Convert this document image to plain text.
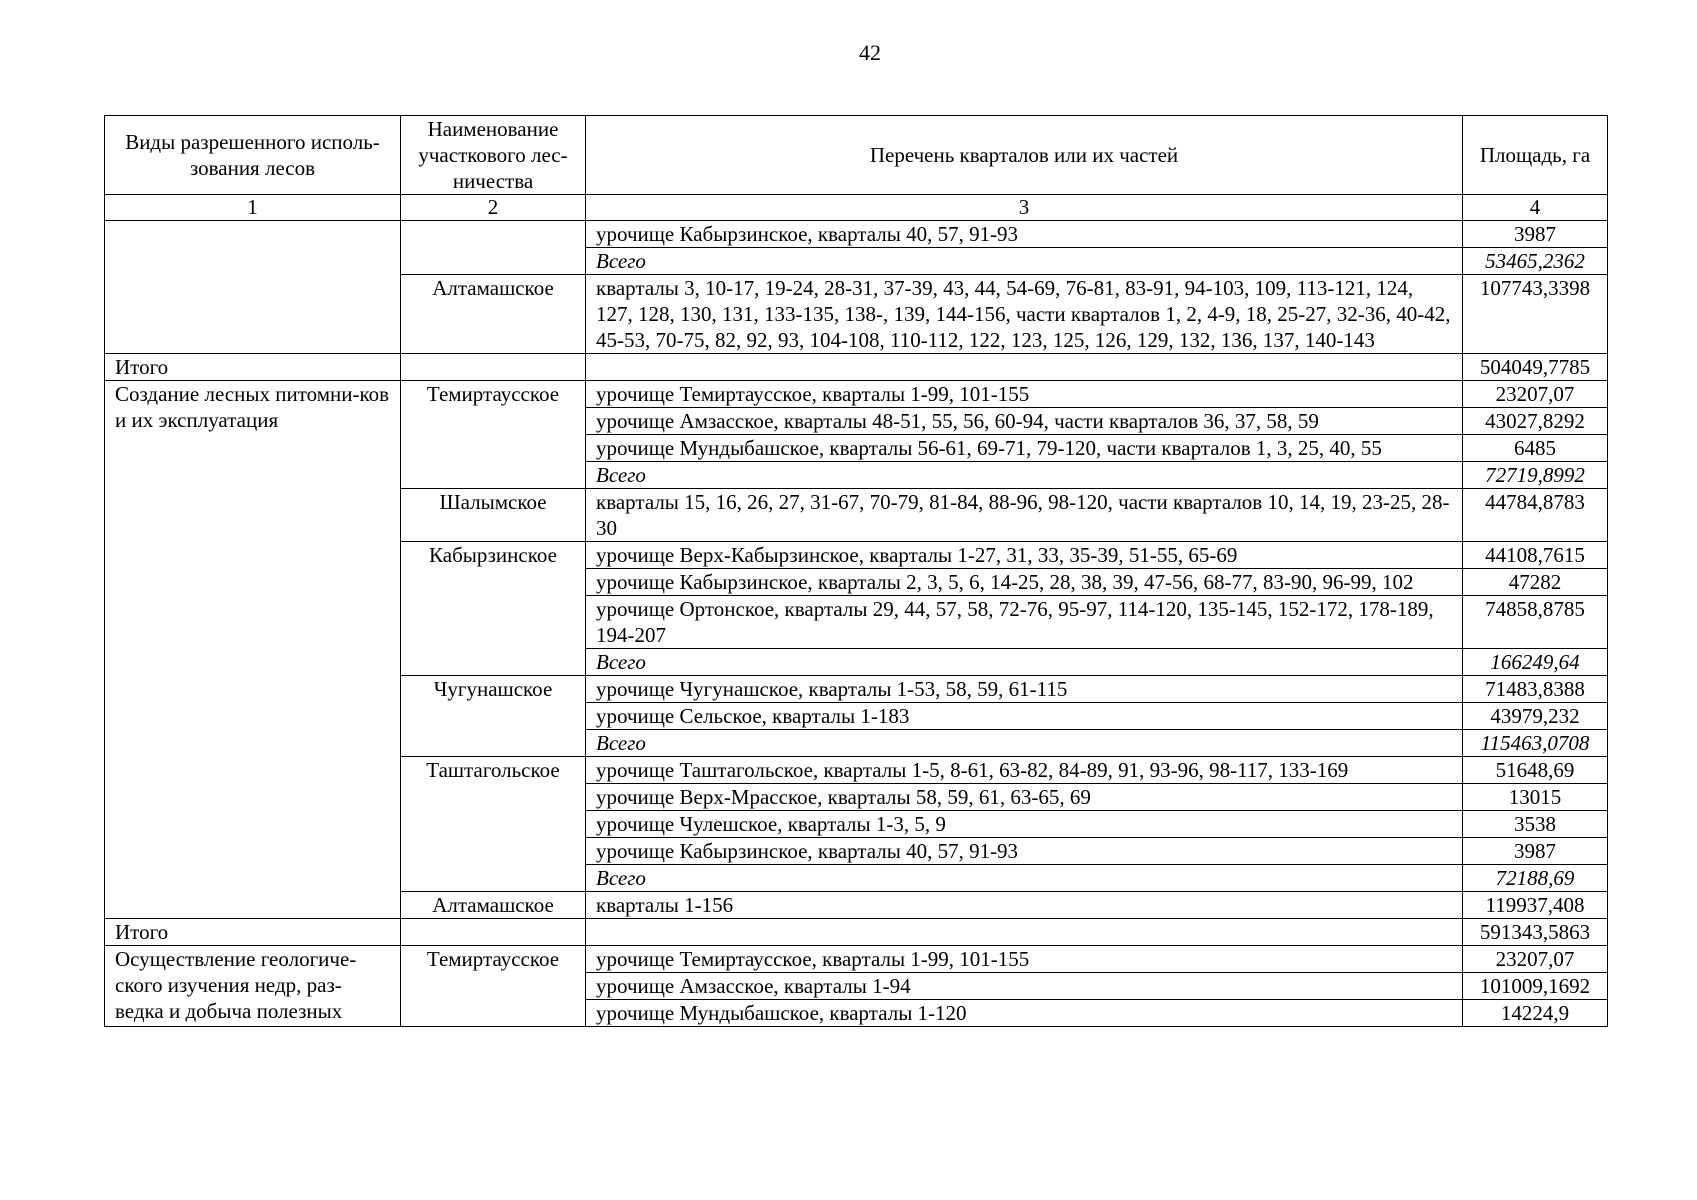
42
Виды разрешенного исполь-зования лесов	Наименование участкового лес-ничества	Перечень кварталов или их частей	Площадь, га
1	2	3	4
		урочище Кабырзинское, кварталы 40, 57, 91-93	3987
		Всего	53465,2362
	Алтамашское	кварталы 3, 10-17, 19-24, 28-31, 37-39, 43, 44, 54-69, 76-81, 83-91, 94-103, 109, 113-121, 124, 127, 128, 130, 131, 133-135, 138-, 139, 144-156, части кварталов 1, 2, 4-9, 18, 25-27, 32-36, 40-42, 45-53, 70-75, 82, 92, 93, 104-108, 110-112, 122, 123, 125, 126, 129, 132, 136, 137, 140-143	107743,3398
Итого			504049,7785
Создание лесных питомни-ков и их эксплуатация	Темиртаусское	урочище Темиртаусское, кварталы 1-99, 101-155	23207,07
		урочище Амзасское, кварталы 48-51, 55, 56, 60-94, части кварталов 36, 37, 58, 59	43027,8292
		урочище Мундыбашское, кварталы 56-61, 69-71, 79-120, части кварталов 1, 3, 25, 40, 55	6485
		Всего	72719,8992
	Шалымское	кварталы 15, 16, 26, 27, 31-67, 70-79, 81-84, 88-96, 98-120, части кварталов 10, 14, 19, 23-25, 28-30	44784,8783
	Кабырзинское	урочище Верх-Кабырзинское, кварталы 1-27, 31, 33, 35-39, 51-55, 65-69	44108,7615
		урочище Кабырзинское, кварталы 2, 3, 5, 6, 14-25, 28, 38, 39, 47-56, 68-77, 83-90, 96-99, 102	47282
		урочище Ортонское, кварталы 29, 44, 57, 58, 72-76, 95-97, 114-120, 135-145, 152-172, 178-189, 194-207	74858,8785
		Всего	166249,64
	Чугунашское	урочище Чугунашское, кварталы 1-53, 58, 59, 61-115	71483,8388
		урочище Сельское, кварталы 1-183	43979,232
		Всего	115463,0708
	Таштагольское	урочище Таштагольское, кварталы 1-5, 8-61, 63-82, 84-89, 91, 93-96, 98-117, 133-169	51648,69
		урочище Верх-Мрасское, кварталы 58, 59, 61, 63-65, 69	13015
		урочище Чулешское, кварталы 1-3, 5, 9	3538
		урочище Кабырзинское, кварталы 40, 57, 91-93	3987
		Всего	72188,69
	Алтамашское	кварталы 1-156	119937,408
Итого			591343,5863
Осуществление геологиче-ского изучения недр, раз-ведка и добыча полезных	Темиртаусское	урочище Темиртаусское, кварталы 1-99, 101-155	23207,07
		урочище Амзасское, кварталы 1-94	101009,1692
		урочище Мундыбашское, кварталы 1-120	14224,9
